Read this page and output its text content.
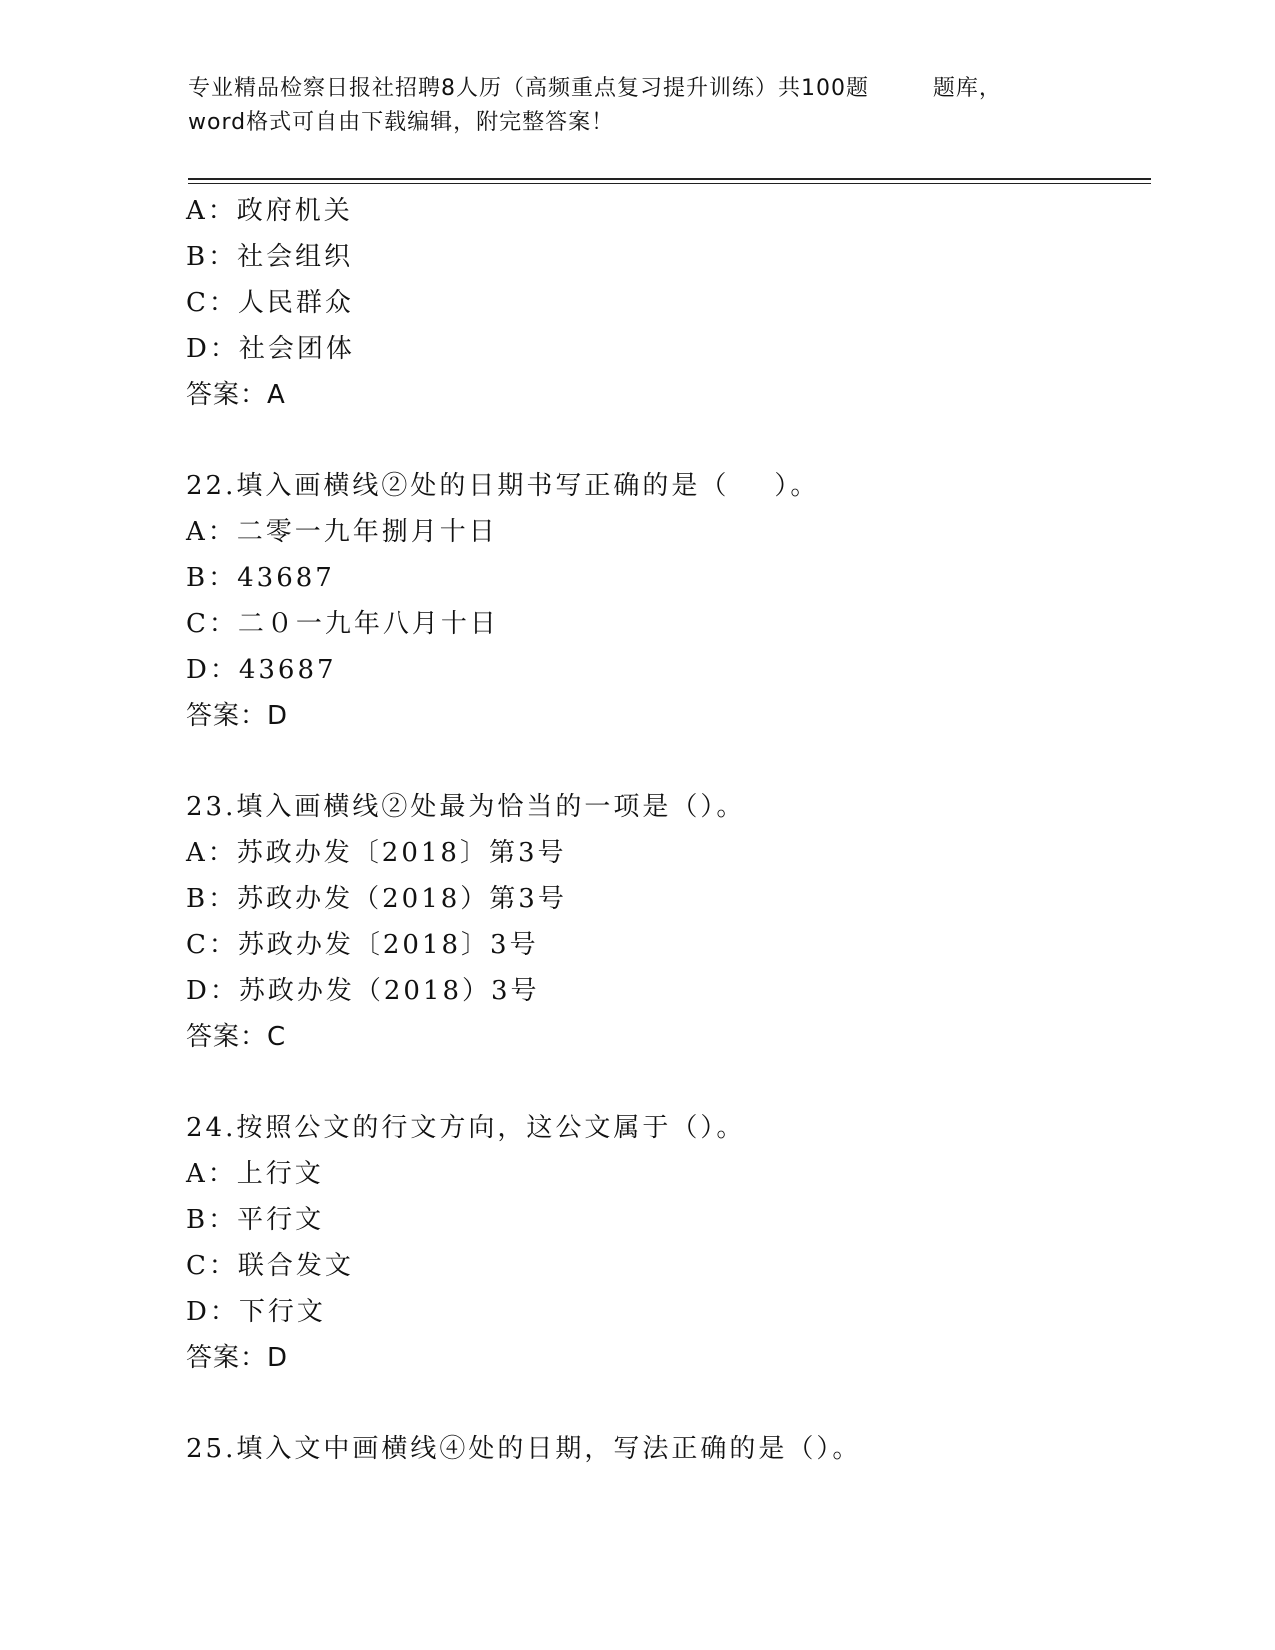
专业精品检察日报社招聘8人历（高频重点复习提升训练）共100题        题库，
word格式可自由下载编辑，附完整答案！
A：政府机关
B：社会组织
C：人民群众
D：社会团体
答案：A
22.填入画横线②处的日期书写正确的是（    ）。
A：二零一九年捌月十日
B：43687
C：二０一九年八月十日
D：43687
答案：D
23.填入画横线②处最为恰当的一项是（）。
A：苏政办发〔2018〕第3号
B：苏政办发（2018）第3号
C：苏政办发〔2018〕3号
D：苏政办发（2018）3号
答案：C
24.按照公文的行文方向，这公文属于（）。
A：上行文
B：平行文
C：联合发文
D：下行文
答案：D
25.填入文中画横线④处的日期，写法正确的是（）。
